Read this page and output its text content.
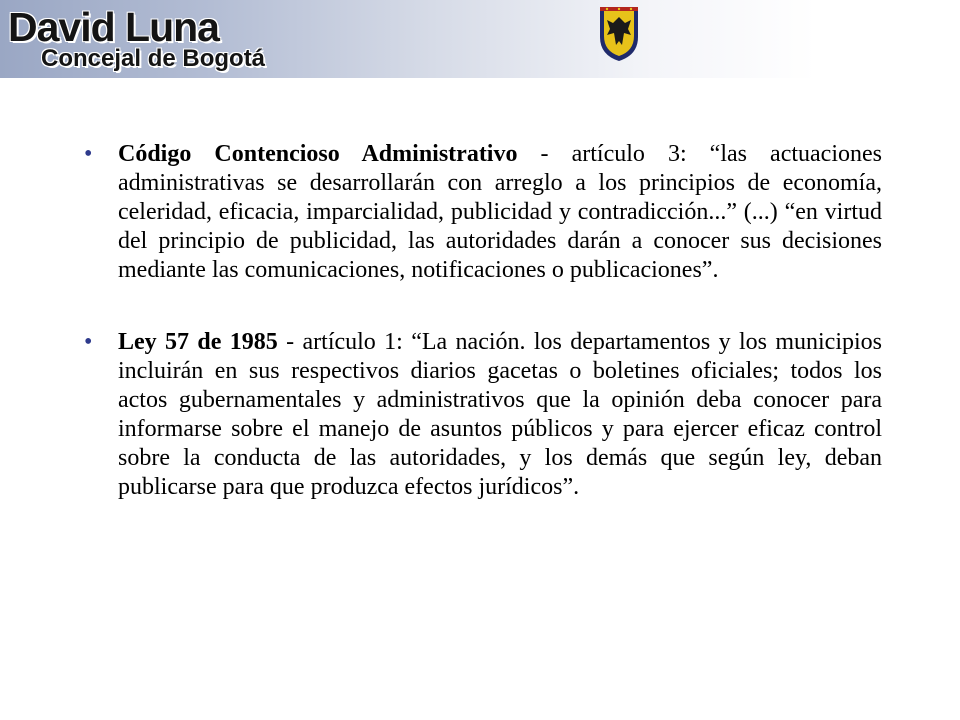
David Luna
Concejal de Bogotá
• Código Contencioso Administrativo - artículo 3: “las actuaciones administrativas se desarrollarán con arreglo a los principios de economía, celeridad, eficacia, imparcialidad, publicidad y contradicción...” (...) “en virtud del principio de publicidad, las autoridades darán a conocer sus decisiones mediante las comunicaciones, notificaciones o publicaciones”.
• Ley 57 de 1985 - artículo 1: “La nación. los departamentos y los municipios incluirán en sus respectivos diarios gacetas o boletines oficiales; todos los actos gubernamentales y administrativos que la opinión deba conocer para informarse sobre el manejo de asuntos públicos y para ejercer eficaz control sobre la conducta de las autoridades, y los demás que según ley, deban publicarse para que produzca efectos jurídicos”.
